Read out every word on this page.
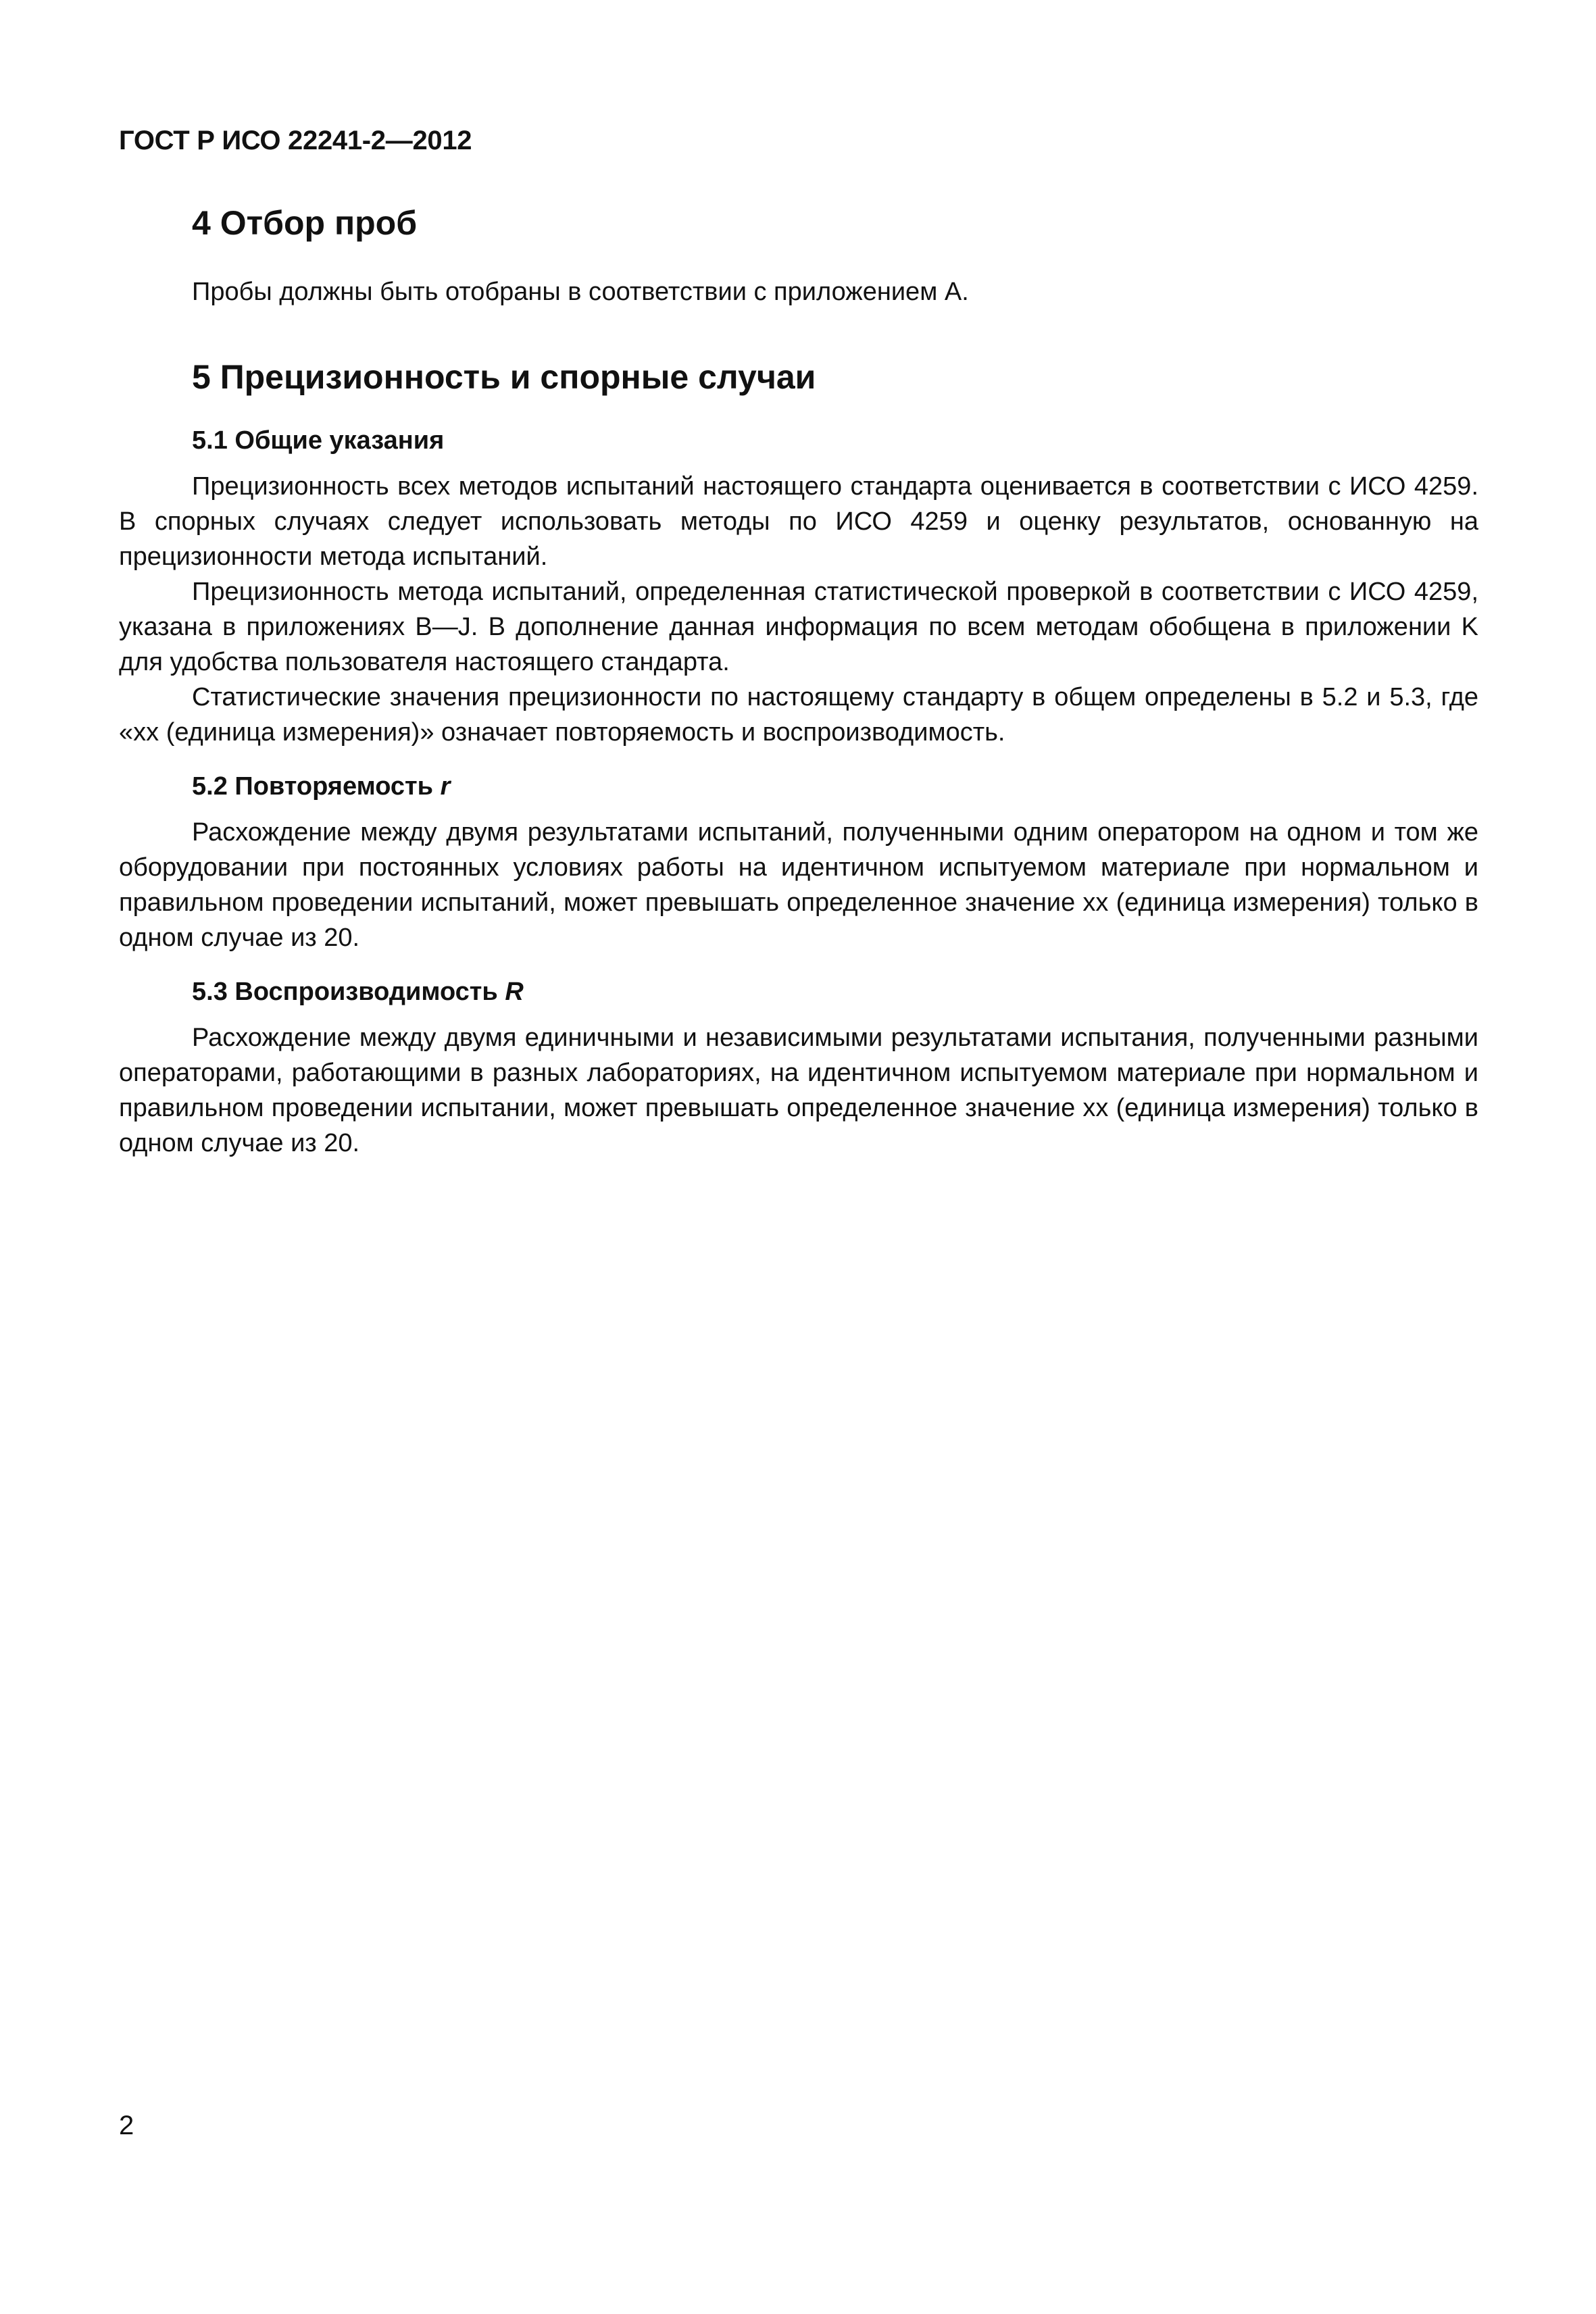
ГОСТ Р ИСО 22241-2—2012
4 Отбор проб

Пробы должны быть отобраны в соответствии с приложением А.

5 Прецизионность и спорные случаи
5.1 Общие указания

Прецизионность всех методов испытаний настоящего стандарта оценивается в соответствии с ИСО 4259. В спорных случаях следует использовать методы по ИСО 4259 и оценку результатов, основанную на прецизионности метода испытаний.

Прецизионность метода испытаний, определенная статистической проверкой в соответствии с ИСО 4259, указана в приложениях В—J. В дополнение данная информация по всем методам обобщена в приложении K для удобства пользователя настоящего стандарта.

Статистические значения прецизионности по настоящему стандарту в общем определены в 5.2 и 5.3, где «хх (единица измерения)» означает повторяемость и воспроизводимость.

5.2 Повторяемость r

Расхождение между двумя результатами испытаний, полученными одним оператором на одном и том же оборудовании при постоянных условиях работы на идентичном испытуемом материале при нормальном и правильном проведении испытаний, может превышать определенное значение хх (единица измерения) только в одном случае из 20.

5.3 Воспроизводимость R

Расхождение между двумя единичными и независимыми результатами испытания, полученными разными операторами, работающими в разных лабораториях, на идентичном испытуемом материале при нормальном и правильном проведении испытании, может превышать определенное значение хх (единица измерения) только в одном случае из 20.

2
